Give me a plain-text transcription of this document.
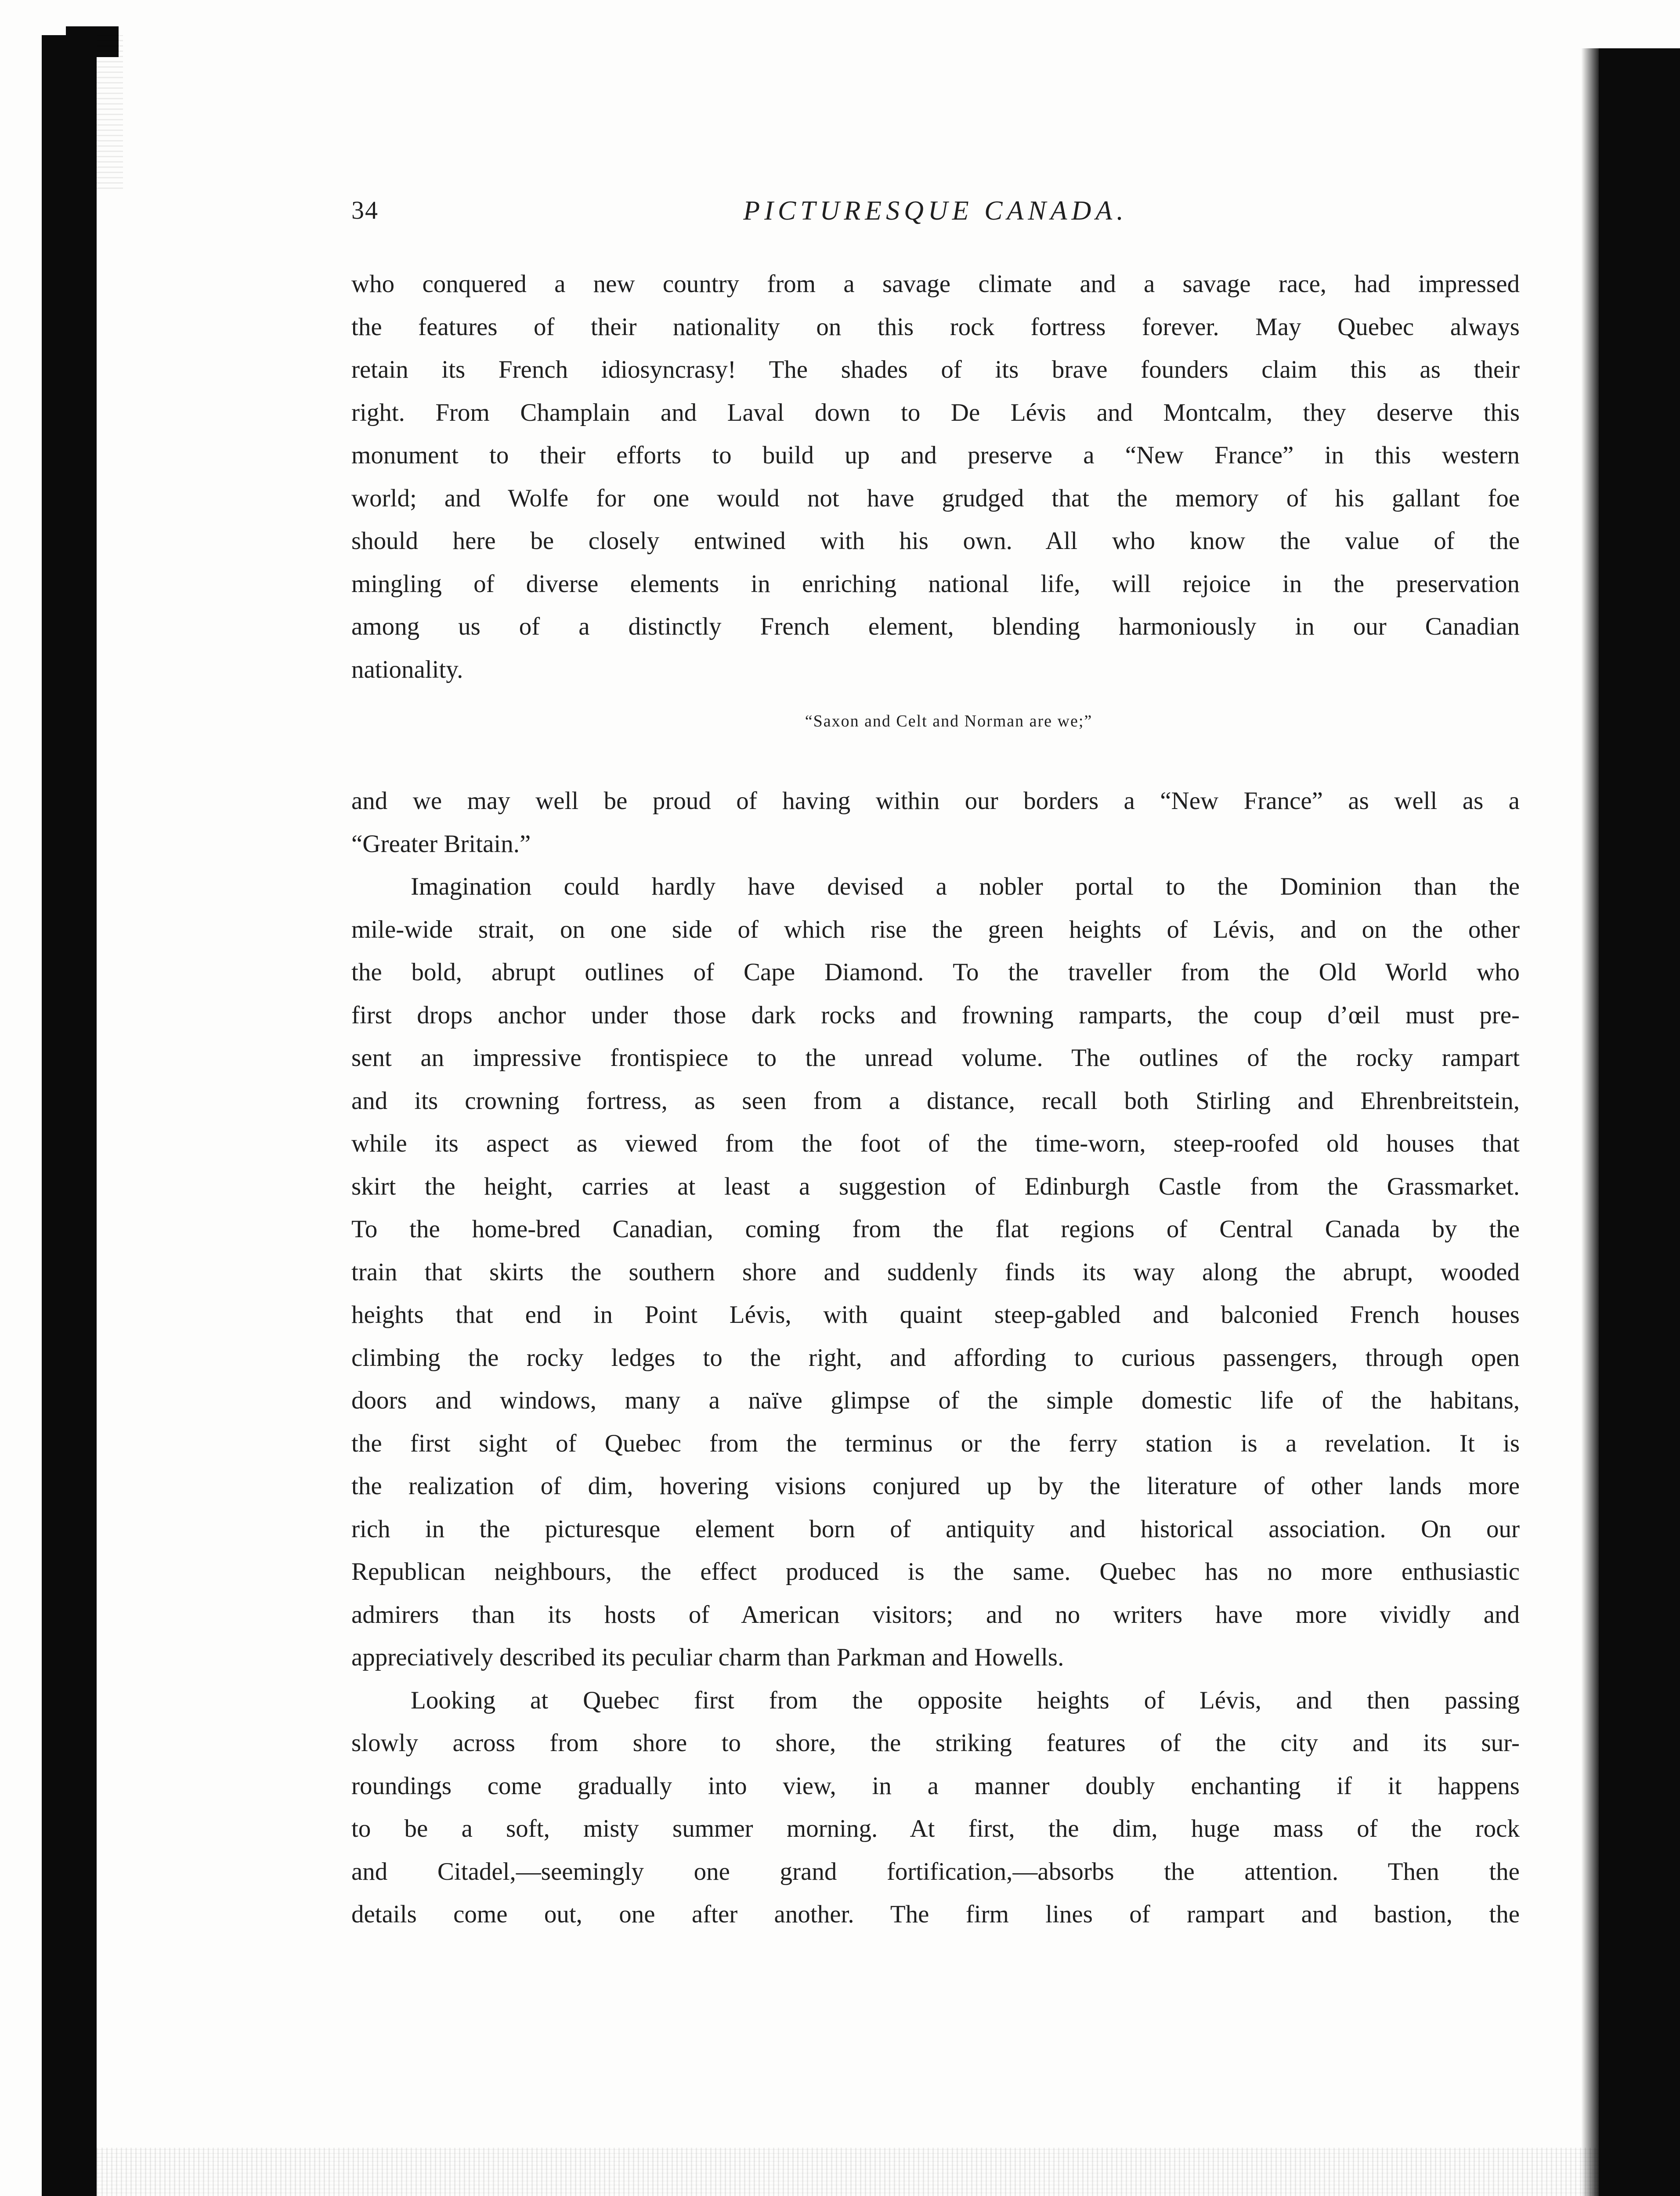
PICTURESQUE CANADA.
34
who conquered a new country from a savage climate and a savage race, had impressed
the features of their nationality on this rock fortress forever. May Quebec always
retain its French idiosyncrasy! The shades of its brave founders claim this as their
right. From Champlain and Laval down to De Lévis and Montcalm, they deserve this
monument to their efforts to build up and preserve a “New France” in this western
world; and Wolfe for one would not have grudged that the memory of his gallant foe
should here be closely entwined with his own. All who know the value of the
mingling of diverse elements in enriching national life, will rejoice in the preservation
among us of a distinctly French element, blending harmoniously in our Canadian
nationality.
“Saxon and Celt and Norman are we;”
and we may well be proud of having within our borders a “New France” as well as a
“Greater Britain.”
Imagination could hardly have devised a nobler portal to the Dominion than the
mile-wide strait, on one side of which rise the green heights of Lévis, and on the other
the bold, abrupt outlines of Cape Diamond. To the traveller from the Old World who
first drops anchor under those dark rocks and frowning ramparts, the coup d’œil must pre-
sent an impressive frontispiece to the unread volume. The outlines of the rocky rampart
and its crowning fortress, as seen from a distance, recall both Stirling and Ehrenbreitstein,
while its aspect as viewed from the foot of the time-worn, steep-roofed old houses that
skirt the height, carries at least a suggestion of Edinburgh Castle from the Grassmarket.
To the home-bred Canadian, coming from the flat regions of Central Canada by the
train that skirts the southern shore and suddenly finds its way along the abrupt, wooded
heights that end in Point Lévis, with quaint steep-gabled and balconied French houses
climbing the rocky ledges to the right, and affording to curious passengers, through open
doors and windows, many a naïve glimpse of the simple domestic life of the habitans,
the first sight of Quebec from the terminus or the ferry station is a revelation. It is
the realization of dim, hovering visions conjured up by the literature of other lands more
rich in the picturesque element born of antiquity and historical association. On our
Republican neighbours, the effect produced is the same. Quebec has no more enthusiastic
admirers than its hosts of American visitors; and no writers have more vividly and
appreciatively described its peculiar charm than Parkman and Howells.
Looking at Quebec first from the opposite heights of Lévis, and then passing
slowly across from shore to shore, the striking features of the city and its sur-
roundings come gradually into view, in a manner doubly enchanting if it happens
to be a soft, misty summer morning. At first, the dim, huge mass of the rock
and Citadel,—seemingly one grand fortification,—absorbs the attention. Then the
details come out, one after another. The firm lines of rampart and bastion, the
